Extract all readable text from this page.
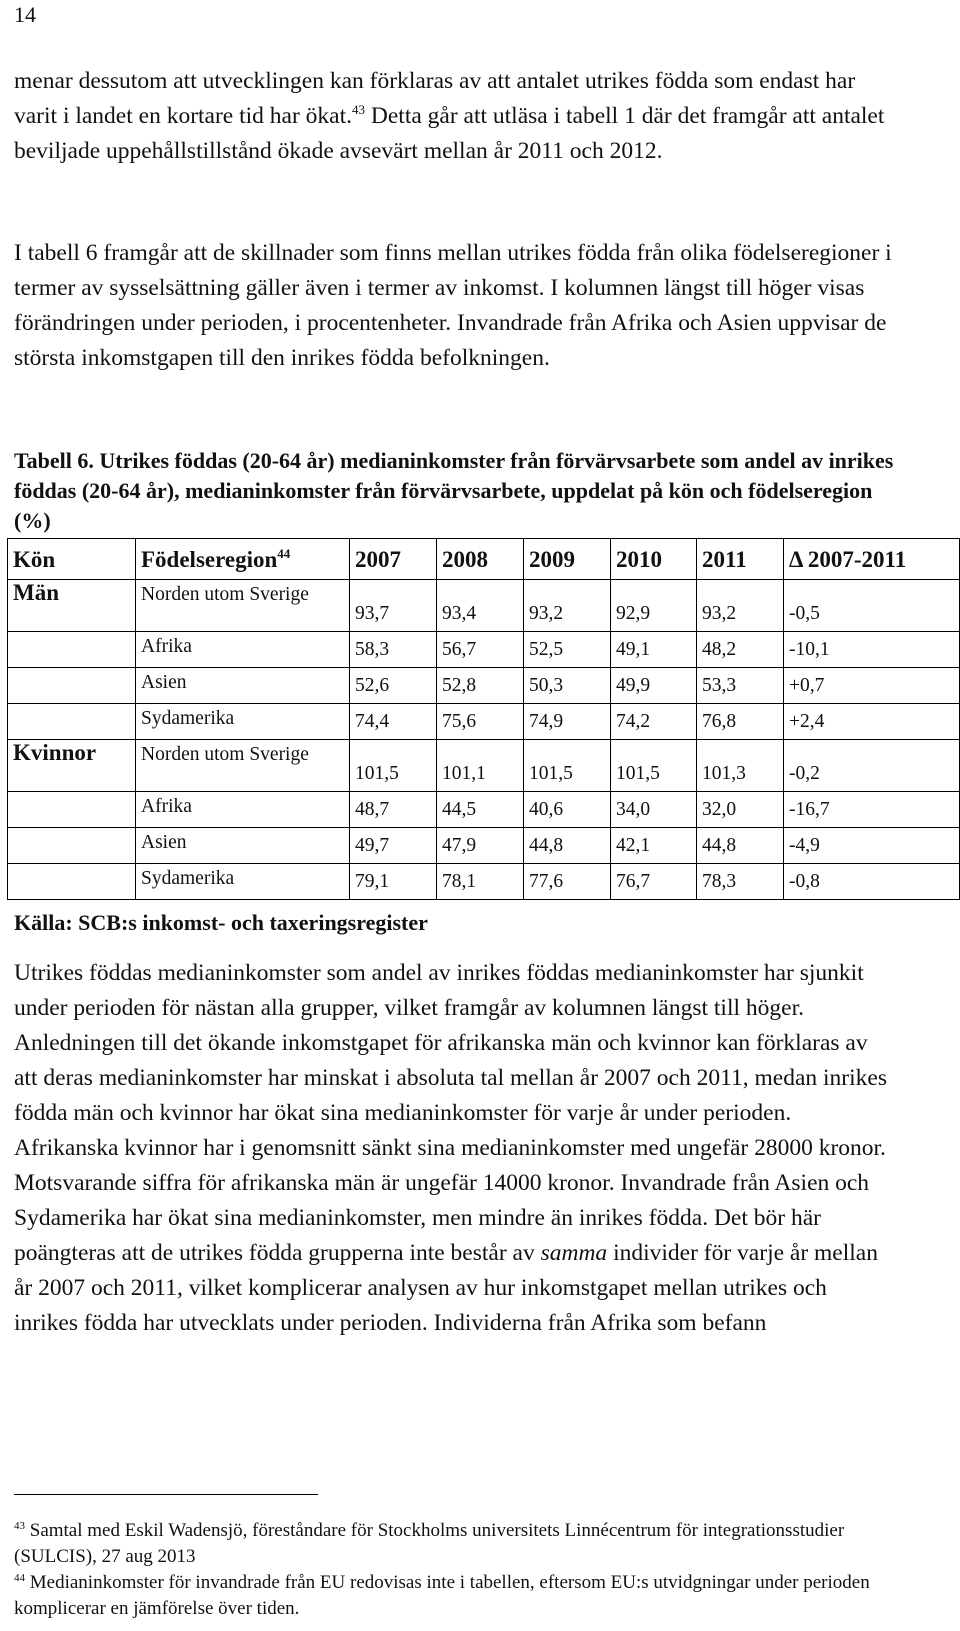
14

menar dessutom att utvecklingen kan förklaras av att antalet utrikes födda som endast har varit i landet en kortare tid har ökat.$^{43}$ Detta går att utläsa i tabell 1 där det framgår att antalet beviljade uppehållstillstånd ökade avsevärt mellan år 2011 och 2012.

I tabell 6 framgår att de skillnader som finns mellan utrikes födda från olika födelseregioner i termer av sysselsättning gäller även i termer av inkomst. I kolumnen längst till höger visas förändringen under perioden, i procentenheter. Invandrade från Afrika och Asien uppvisar de största inkomstgapen till den inrikes födda befolkningen.

Tabell 6. Utrikes föddas (20-64 år) medianinkomster från förvärvsarbete som andel av inrikes föddas (20-64 år), medianinkomster från förvärvsarbete, uppdelat på kön och födelseregion (%)

Kön	Födelseregion$^{44}$	2007	2008	2009	2010	2011	Δ 2007-2011
Män	Norden utom Sverige	93,7	93,4	93,2	92,9	93,2	-0,5
	Afrika	58,3	56,7	52,5	49,1	48,2	-10,1
	Asien	52,6	52,8	50,3	49,9	53,3	+0,7
	Sydamerika	74,4	75,6	74,9	74,2	76,8	+2,4
Kvinnor	Norden utom Sverige	101,5	101,1	101,5	101,5	101,3	-0,2
	Afrika	48,7	44,5	40,6	34,0	32,0	-16,7
	Asien	49,7	47,9	44,8	42,1	44,8	-4,9
	Sydamerika	79,1	78,1	77,6	76,7	78,3	-0,8
Källa: SCB:s inkomst- och taxeringsregister

Utrikes föddas medianinkomster som andel av inrikes föddas medianinkomster har sjunkit under perioden för nästan alla grupper, vilket framgår av kolumnen längst till höger. Anledningen till det ökande inkomstgapet för afrikanska män och kvinnor kan förklaras av att deras medianinkomster har minskat i absoluta tal mellan år 2007 och 2011, medan inrikes födda män och kvinnor har ökat sina medianinkomster för varje år under perioden. Afrikanska kvinnor har i genomsnitt sänkt sina medianinkomster med ungefär 28000 kronor. Motsvarande siffra för afrikanska män är ungefär 14000 kronor. Invandrade från Asien och Sydamerika har ökat sina medianinkomster, men mindre än inrikes födda. Det bör här poängteras att de utrikes födda grupperna inte består av samma individer för varje år mellan år 2007 och 2011, vilket komplicerar analysen av hur inkomstgapet mellan utrikes och inrikes födda har utvecklats under perioden. Individerna från Afrika som befann

$^{43}$ Samtal med Eskil Wadensjö, föreståndare för Stockholms universitets Linnécentrum för integrationsstudier (SULCIS), 27 aug 2013

$^{44}$ Medianinkomster för invandrade från EU redovisas inte i tabellen, eftersom EU:s utvidgningar under perioden komplicerar en jämförelse över tiden.
